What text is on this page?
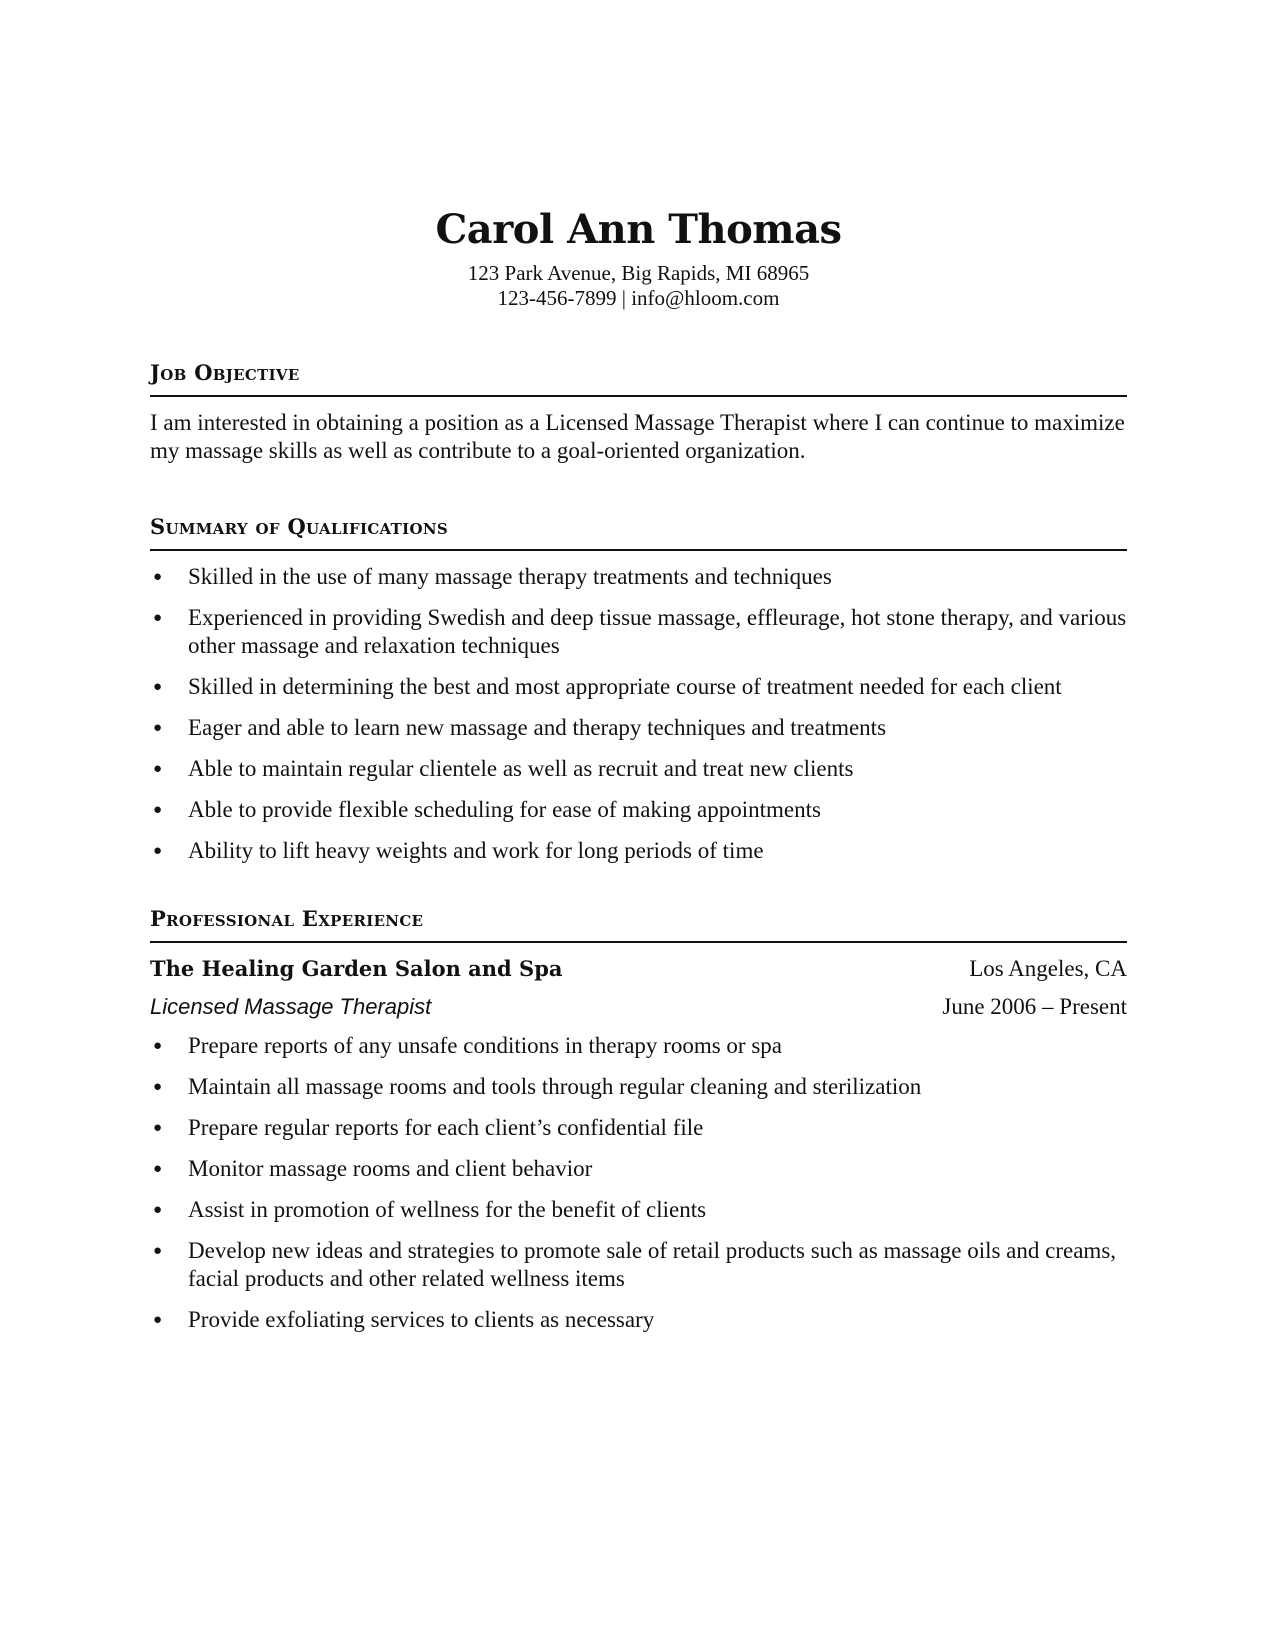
Carol Ann Thomas
123 Park Avenue, Big Rapids, MI 68965
123-456-7899 | info@hloom.com
Job Objective

I am interested in obtaining a position as a Licensed Massage Therapist where I can continue to maximize my massage skills as well as contribute to a goal-oriented organization.

Summary of Qualifications
● Skilled in the use of many massage therapy treatments and techniques
● Experienced in providing Swedish and deep tissue massage, effleurage, hot stone therapy, and various other massage and relaxation techniques
● Skilled in determining the best and most appropriate course of treatment needed for each client
● Eager and able to learn new massage and therapy techniques and treatments
● Able to maintain regular clientele as well as recruit and treat new clients
● Able to provide flexible scheduling for ease of making appointments
● Ability to lift heavy weights and work for long periods of time
Professional Experience
The Healing Garden Salon and Spa	Los Angeles, CA
Licensed Massage Therapist	June 2006 – Present
● Prepare reports of any unsafe conditions in therapy rooms or spa
● Maintain all massage rooms and tools through regular cleaning and sterilization
● Prepare regular reports for each client’s confidential file
● Monitor massage rooms and client behavior
● Assist in promotion of wellness for the benefit of clients
● Develop new ideas and strategies to promote sale of retail products such as massage oils and creams, facial products and other related wellness items
● Provide exfoliating services to clients as necessary
